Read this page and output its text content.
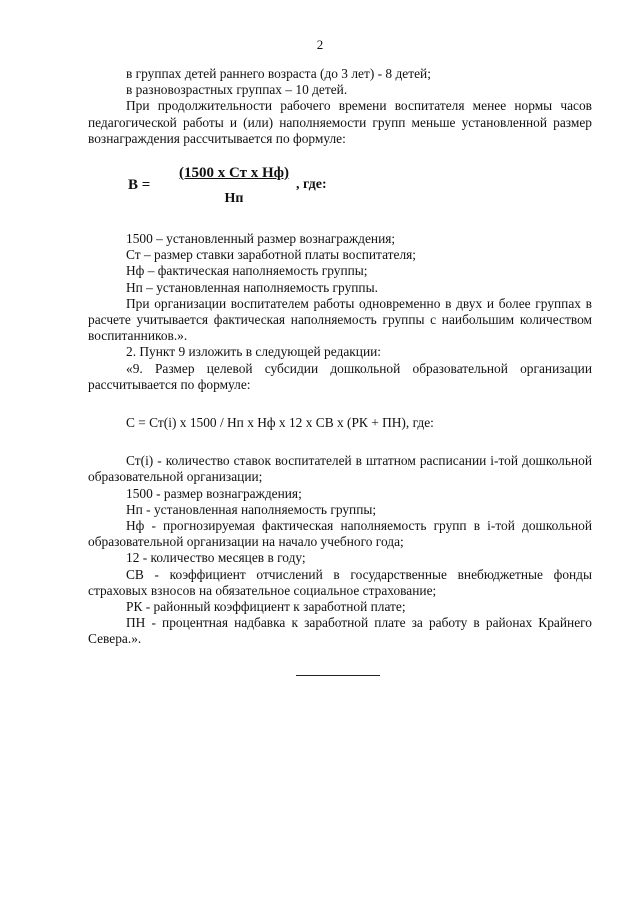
2

в группах детей раннего возраста (до 3 лет) - 8 детей;

в разновозрастных группах – 10 детей.

При продолжительности рабочего времени воспитателя менее нормы часов педагогической работы и (или) наполняемости групп меньше установленной размер вознаграждения рассчитывается по формуле:

В =
(1500 х Ст х Нф)
Нп
, где:

1500 – установленный размер вознаграждения;

Ст – размер ставки заработной платы воспитателя;

Нф – фактическая наполняемость группы;

Нп – установленная наполняемость группы.

При организации воспитателем работы одновременно в двух и более группах в расчете учитывается фактическая наполняемость группы с наибольшим количеством воспитанников.».

2. Пункт 9 изложить в следующей редакции:

«9. Размер целевой субсидии дошкольной образовательной организации рассчитывается по формуле:

С = Ст(i) х 1500 / Нп х Нф х 12 х СВ х (РК + ПН), где:

Ст(i) - количество ставок воспитателей в штатном расписании i-той дошкольной образовательной организации;

1500 - размер вознаграждения;

Нп - установленная наполняемость группы;

Нф - прогнозируемая фактическая наполняемость групп в i-той дошкольной образовательной организации на начало учебного года;

12 - количество месяцев в году;

СВ - коэффициент отчислений в государственные внебюджетные фонды страховых взносов на обязательное социальное страхование;

РК - районный коэффициент к заработной плате;

ПН - процентная надбавка к заработной плате за работу в районах Крайнего Севера.».
